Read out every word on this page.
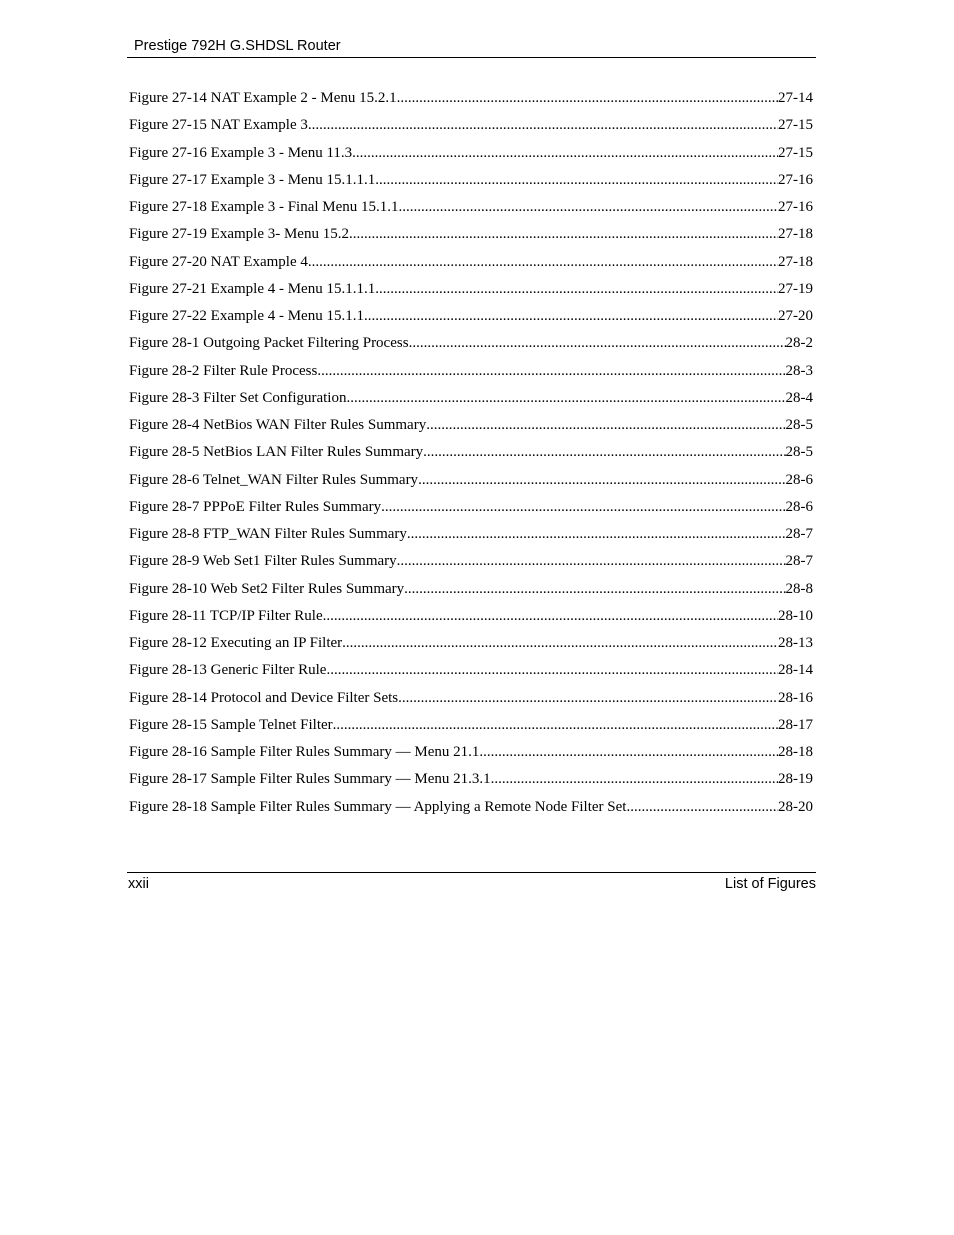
Prestige 792H G.SHDSL Router
Figure 27-14 NAT Example 2 - Menu 15.2.1 .....	27-14
Figure 27-15 NAT Example 3 .....	27-15
Figure 27-16 Example 3 - Menu 11.3 .....	27-15
Figure 27-17 Example 3 - Menu 15.1.1.1 .....	27-16
Figure 27-18 Example 3 - Final Menu 15.1.1 .....	27-16
Figure 27-19 Example 3- Menu 15.2 .....	27-18
Figure 27-20 NAT Example 4 .....	27-18
Figure 27-21 Example 4 - Menu 15.1.1.1 .....	27-19
Figure 27-22 Example 4 - Menu 15.1.1 .....	27-20
Figure 28-1 Outgoing Packet Filtering Process .....	28-2
Figure 28-2 Filter Rule Process .....	28-3
Figure 28-3 Filter Set Configuration .....	28-4
Figure 28-4 NetBios WAN Filter Rules Summary .....	28-5
Figure 28-5 NetBios LAN Filter Rules Summary .....	28-5
Figure 28-6 Telnet_WAN Filter Rules Summary .....	28-6
Figure 28-7 PPPoE Filter Rules Summary .....	28-6
Figure 28-8 FTP_WAN Filter Rules Summary .....	28-7
Figure 28-9 Web Set1 Filter Rules Summary .....	28-7
Figure 28-10 Web Set2 Filter Rules Summary .....	28-8
Figure 28-11 TCP/IP Filter Rule .....	28-10
Figure 28-12 Executing an IP Filter .....	28-13
Figure 28-13 Generic Filter Rule .....	28-14
Figure 28-14 Protocol and Device Filter Sets .....	28-16
Figure 28-15 Sample Telnet Filter .....	28-17
Figure 28-16 Sample Filter Rules Summary — Menu 21.1 .....	28-18
Figure 28-17 Sample Filter Rules Summary — Menu 21.3.1 .....	28-19
Figure 28-18 Sample Filter Rules Summary — Applying a Remote Node Filter Set .....	28-20
xxii	List of Figures
